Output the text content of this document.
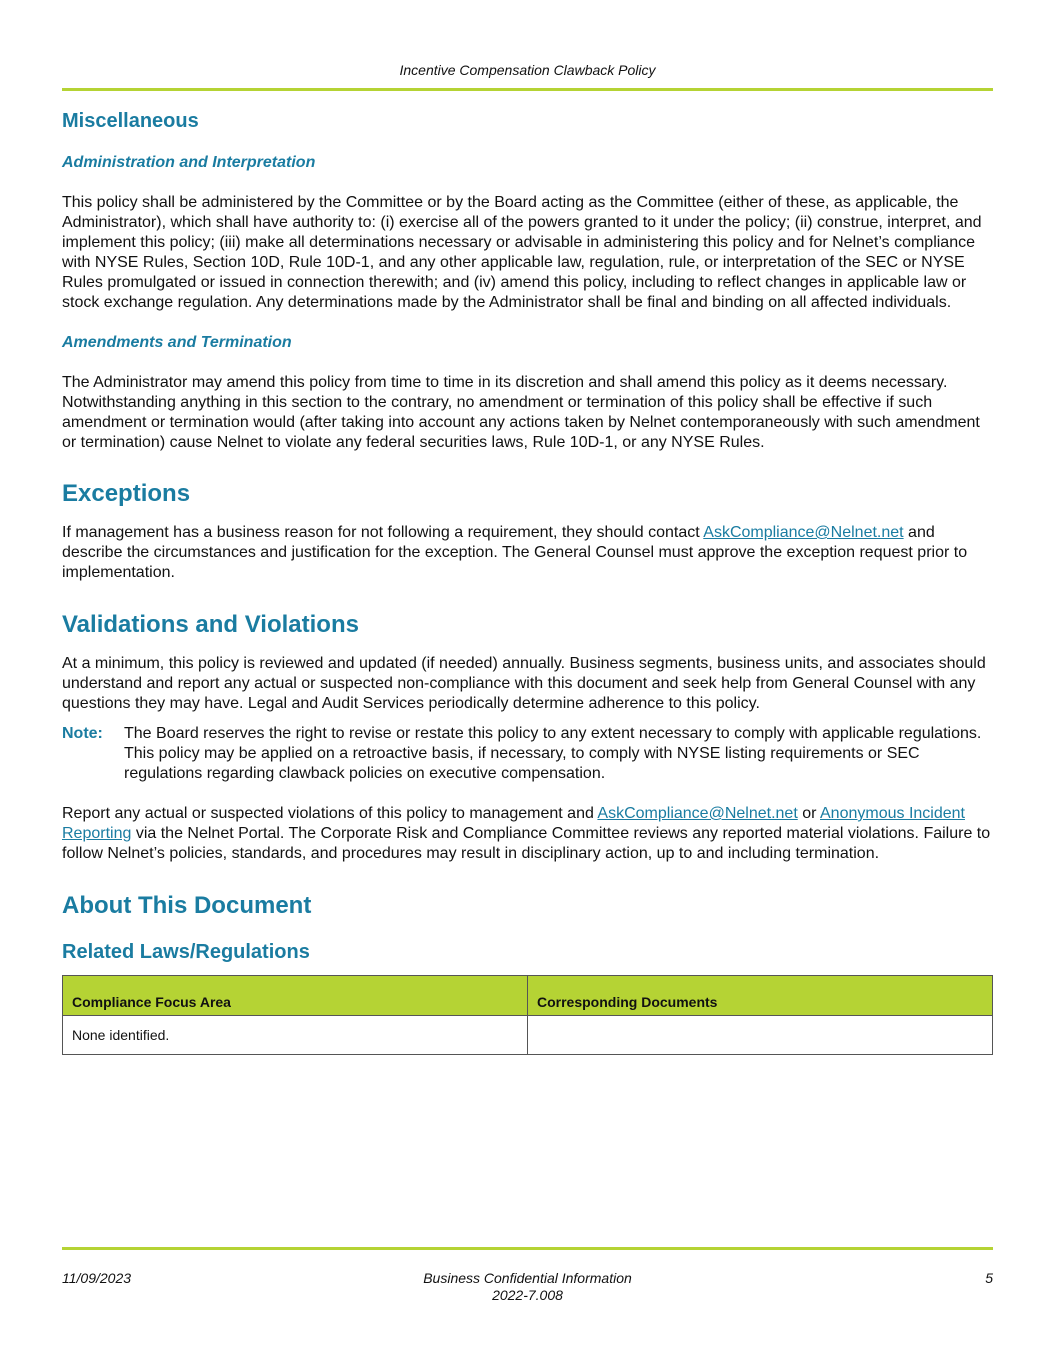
Incentive Compensation Clawback Policy
Miscellaneous
Administration and Interpretation

This policy shall be administered by the Committee or by the Board acting as the Committee (either of these, as applicable, the Administrator), which shall have authority to: (i) exercise all of the powers granted to it under the policy; (ii) construe, interpret, and implement this policy; (iii) make all determinations necessary or advisable in administering this policy and for Nelnet’s compliance with NYSE Rules, Section 10D, Rule 10D-1, and any other applicable law, regulation, rule, or interpretation of the SEC or NYSE Rules promulgated or issued in connection therewith; and (iv) amend this policy, including to reflect changes in applicable law or stock exchange regulation. Any determinations made by the Administrator shall be final and binding on all affected individuals.

Amendments and Termination

The Administrator may amend this policy from time to time in its discretion and shall amend this policy as it deems necessary. Notwithstanding anything in this section to the contrary, no amendment or termination of this policy shall be effective if such amendment or termination would (after taking into account any actions taken by Nelnet contemporaneously with such amendment or termination) cause Nelnet to violate any federal securities laws, Rule 10D-1, or any NYSE Rules.

Exceptions

If management has a business reason for not following a requirement, they should contact AskCompliance@Nelnet.net and describe the circumstances and justification for the exception. The General Counsel must approve the exception request prior to implementation.

Validations and Violations

At a minimum, this policy is reviewed and updated (if needed) annually. Business segments, business units, and associates should understand and report any actual or suspected non-compliance with this document and seek help from General Counsel with any questions they may have. Legal and Audit Services periodically determine adherence to this policy.

Note:	The Board reserves the right to revise or restate this policy to any extent necessary to comply with applicable regulations. This policy may be applied on a retroactive basis, if necessary, to comply with NYSE listing requirements or SEC regulations regarding clawback policies on executive compensation.

Report any actual or suspected violations of this policy to management and AskCompliance@Nelnet.net or Anonymous Incident Reporting via the Nelnet Portal. The Corporate Risk and Compliance Committee reviews any reported material violations. Failure to follow Nelnet’s policies, standards, and procedures may result in disciplinary action, up to and including termination.

About This Document
Related Laws/Regulations
Compliance Focus Area	Corresponding Documents
None identified.	
11/09/2023	Business Confidential Information
2022-7.008
5
